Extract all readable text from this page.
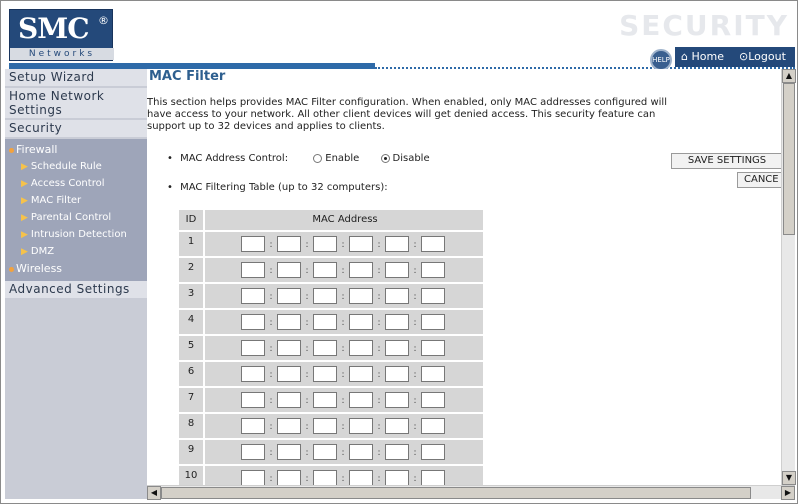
SMC ®
Networks
SECURITY
HELP ⌂ Home ⊙Logout
Setup Wizard
Home Network
Settings
Security
Firewall
▶ Schedule Rule
▶ Access Control
▶ MAC Filter
▶ Parental Control
▶ Intrusion Detection
▶ DMZ
Wireless
Advanced Settings
MAC Filter
This section helps provides MAC Filter configuration. When enabled, only MAC addresses configured will have access to your network. All other client devices will get denied access. This security feature can support up to 32 devices and applies to clients.
• MAC Address Control:	Enable	Disable
• MAC Filtering Table (up to 32 computers):
SAVE SETTINGS
CANCE
ID	MAC Address
1	:	:	:	:	:
2	:	:	:	:	:
3	:	:	:	:	:
4	:	:	:	:	:
5	:	:	:	:	:
6	:	:	:	:	:
7	:	:	:	:	:
8	:	:	:	:	:
9	:	:	:	:	:
10	:	:	:	:	:
▲
▼
◀	▶
